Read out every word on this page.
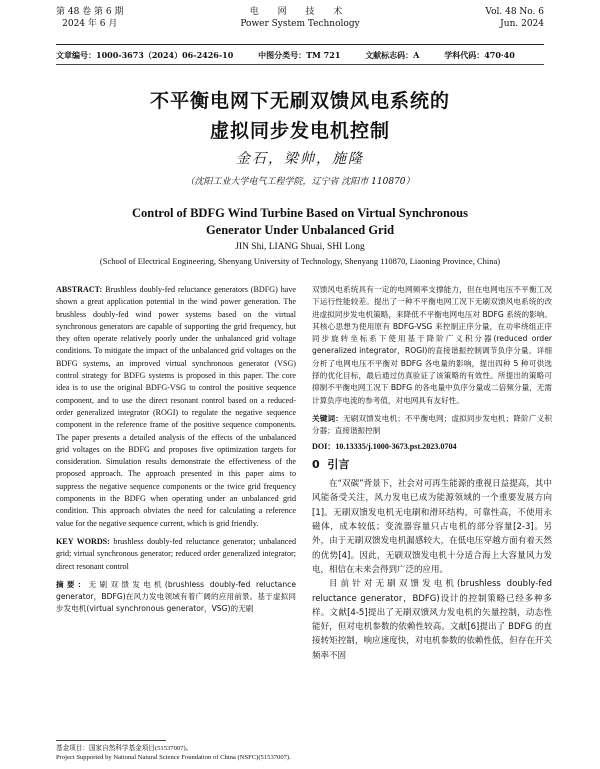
第 48 卷 第 6 期
2024 年 6 月
电 网 技 术
Power System Technology
Vol. 48 No. 6
Jun. 2024
文章编号：1000-3673（2024）06-2426-10	中图分类号：TM 721	文献标志码：A	学科代码：470·40
不平衡电网下无刷双馈风电系统的
虚拟同步发电机控制
金石，梁帅，施隆
（沈阳工业大学电气工程学院，辽宁省 沈阳市 110870）
Control of BDFG Wind Turbine Based on Virtual Synchronous
Generator Under Unbalanced Grid
JIN Shi, LIANG Shuai, SHI Long
(School of Electrical Engineering, Shenyang University of Technology, Shenyang 110870, Liaoning Province, China)

ABSTRACT: Brushless doubly-fed reluctance generators (BDFG) have shown a great application potential in the wind power generation. The brushless doubly-fed wind power systems based on the virtual synchronous generators are capable of supporting the grid frequency, but they often operate relatively poorly under the unbalanced grid voltage conditions. To mitigate the impact of the unbalanced grid voltages on the BDFG systems, an improved virtual synchronous generator (VSG) control strategy for BDFG systems is proposed in this paper. The core idea is to use the original BDFG-VSG to control the positive sequence component, and to use the direct resonant control based on a reduced-order generalized integrator (ROGI) to regulate the negative sequence component in the reference frame of the positive sequence components. The paper presents a detailed analysis of the effects of the unbalanced grid voltages on the BDFG and proposes five optimization targets for consideration. Simulation results demonstrate the effectiveness of the proposed approach. The approach presented in this paper aims to suppress the negative sequence components or the twice grid frequency components in the BDFG when operating under an unbalanced grid condition. This approach obviates the need for calculating a reference value for the negative sequence current, which is grid friendly.

KEY WORDS: brushless doubly-fed reluctance generator; unbalanced grid; virtual synchronous generator; reduced order generalized integrator; direct resonant control

摘要：无刷双馈发电机(brushless doubly-fed reluctance generator，BDFG)在风力发电领域有着广阔的应用前景。基于虚拟同步发电机(virtual synchronous generator，VSG)的无刷

双馈风电系统具有一定的电网频率支撑能力，但在电网电压不平衡工况下运行性能较差。提出了一种不平衡电网工况下无刷双馈风电系统的改进虚拟同步发电机策略，来降低不平衡电网电压对 BDFG 系统的影响。其核心思想为使用原有 BDFG-VSG 来控制正序分量，在功率绕组正序同步旋转坐标系下使用基于降阶广义积分器(reduced order generalized integrator，ROGI)的直接谐振控制调节负序分量。详细分析了电网电压不平衡对 BDFG 各电量的影响，提出四种 5 种可供选择的优化目标，最后通过仿真验证了该策略的有效性。所提出的策略可抑制不平衡电网工况下 BDFG 的各电量中负序分量或二倍频分量，无需计算负序电流的参考值，对电网具有友好性。

关键词：无刷双馈发电机；不平衡电网；虚拟同步发电机；降阶广义积分器；直接谐振控制

DOI：10.13335/j.1000-3673.pst.2023.0704

0 引言

在“双碳”背景下，社会对可再生能源的重视日益提高，其中风能备受关注，风力发电已成为能源领域的一个重要发展方向[1]。无刷双馈发电机无电刷和滑环结构，可靠性高，不使用永磁体，成本较低；变流器容量只占电机的部分容量[2-3]。另外，由于无刷双馈发电机漏感较大，在低电压穿越方面有着天然的优势[4]。因此，无刷双馈发电机十分适合海上大容量风力发电，相信在未来会得到广泛的应用。

目前针对无刷双馈发电机(brushless doubly-fed reluctance generator，BDFG)设计的控制策略已经多种多样。文献[4-5]提出了无刷双馈风力发电机的矢量控制，动态性能好，但对电机参数的依赖性较高。文献[6]提出了 BDFG 的直接转矩控制，响应速度快，对电机参数的依赖性低，但存在开关频率不固

基金项目：国家自然科学基金项目(51537007)。
Project Supported by National Natural Science Foundation of China (NSFC)(51537007).
